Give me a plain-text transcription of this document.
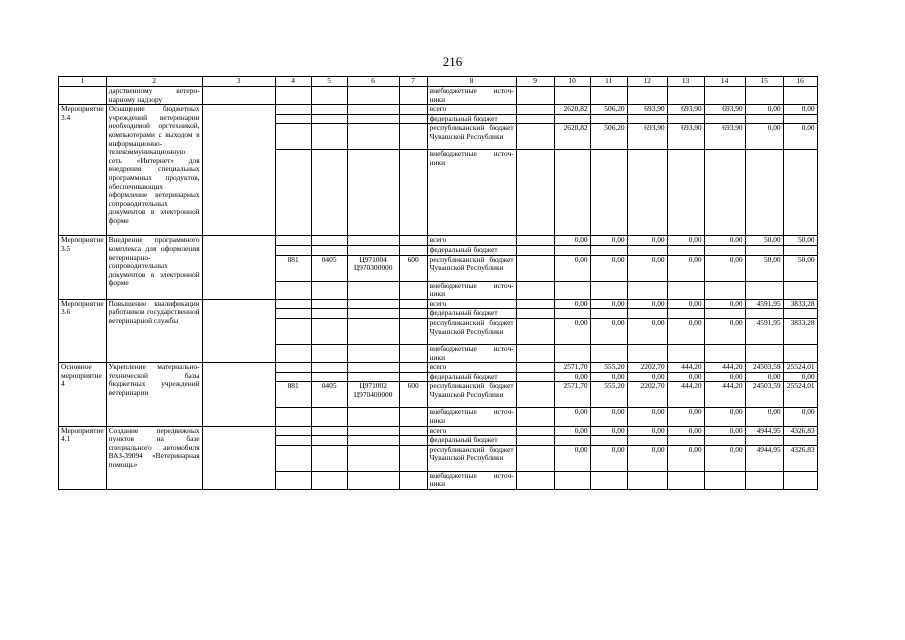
216
1	2	3	4	5	6	7	8	9	10	11	12	13	14	15	16
	дарственному ветери-нарному надзору						внебюджетные источ-ники								
Мероприятие 3.4	Оснащение бюджетных учреждений ветеринарии необходимой оргтехникой, компьютерами с выходом в информационно-телекоммуникационную сеть «Интернет» для внедрения специальных программных продуктов, обеспечивающих оформление ветеринарных сопроводительных документов в электронной форме						всего		2620,82	506,20	693,90	693,90	693,90	0,00	0,00
							федеральный бюджет								
							республиканский бюджет Чувашской Республики		2620,82	506,20	693,90	693,90	693,90	0,00	0,00
							внебюджетные источ-ники								
Мероприятие 3.5	Внедрение программного комплекса для оформления ветеринарно-сопроводительных документов в электронной форме						всего		0,00	0,00	0,00	0,00	0,00	50,00	50,00
							федеральный бюджет								
			881	0405	Ц971004 Ц970300000	600	республиканский бюджет Чувашской Республики		0,00	0,00	0,00	0,00	0,00	50,00	50,00
							внебюджетные источ-ники								
Мероприятие 3.6	Повышение квалификации работников государственной ветеринарной службы						всего		0,00	0,00	0,00	0,00	0,00	4591,95	3833,28
							федеральный бюджет								
							республиканский бюджет Чувашской Республики		0,00	0,00	0,00	0,00	0,00	4591,95	3833,28
							внебюджетные источ-ники								
Основное мероприятие 4	Укрепление материально-технической базы бюджетных учреждений ветеринарии						всего		2571,70	555,20	2202,70	444,20	444,20	24503,59	25524,01
							федеральный бюджет		0,00	0,00	0,00	0,00	0,00	0,00	0,00
			881	0405	Ц971002 Ц970400000	600	республиканский бюджет Чувашской Республики		2571,70	555,20	2202,70	444,20	444,20	24503,59	25524,01
							внебюджетные источ-ники		0,00	0,00	0,00	0,00	0,00	0,00	0,00
Мероприятие 4.1	Создание передвижных пунктов на базе специального автомобиля ВАЗ-39094 «Ветеринарная помощь»						всего		0,00	0,00	0,00	0,00	0,00	4944,95	4326,83
							федеральный бюджет								
							республиканский бюджет Чувашской Республики		0,00	0,00	0,00	0,00	0,00	4944,95	4326,83
							внебюджетные источ-ники								
